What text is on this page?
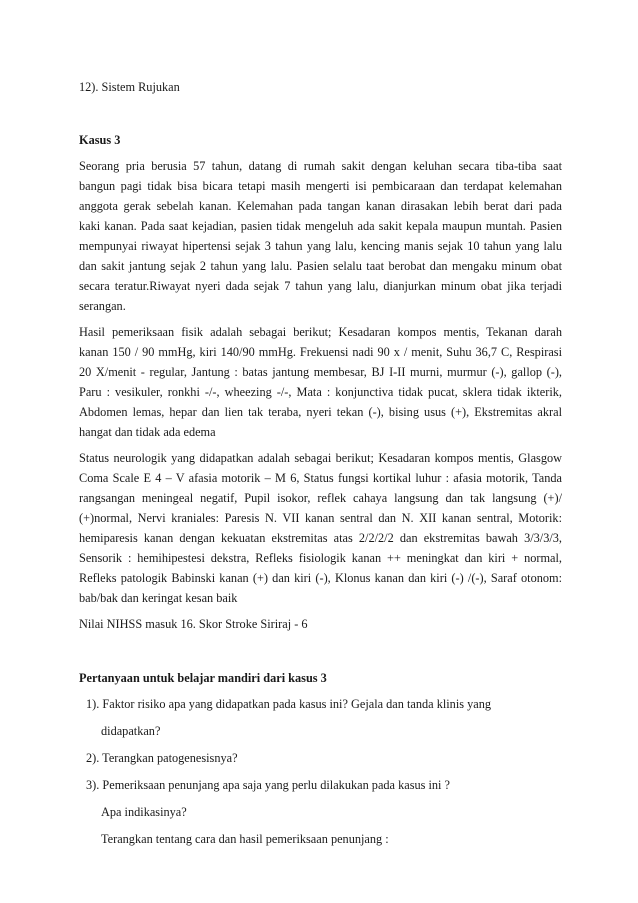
12). Sistem Rujukan
Kasus 3
Seorang pria berusia 57 tahun, datang di rumah sakit dengan keluhan secara tiba-tiba saat
bangun pagi tidak bisa bicara tetapi masih mengerti isi pembicaraan dan terdapat kelemahan
anggota gerak sebelah kanan. Kelemahan pada tangan kanan dirasakan lebih berat dari pada
kaki kanan. Pada saat kejadian, pasien tidak mengeluh ada sakit kepala maupun muntah. Pasien
mempunyai riwayat hipertensi sejak 3 tahun yang lalu, kencing manis sejak 10 tahun yang lalu
dan sakit jantung sejak 2 tahun yang lalu. Pasien selalu taat berobat dan mengaku minum obat
secara teratur.Riwayat nyeri dada sejak 7 tahun yang lalu, dianjurkan minum obat jika terjadi
serangan.
Hasil pemeriksaan fisik adalah sebagai berikut; Kesadaran kompos mentis, Tekanan darah
kanan 150 / 90 mmHg, kiri 140/90 mmHg. Frekuensi nadi 90 x / menit, Suhu 36,7 C, Respirasi
20 X/menit - regular, Jantung : batas jantung membesar, BJ I-II murni, murmur (-), gallop (-),
Paru : vesikuler, ronkhi -/-, wheezing -/-, Mata : konjunctiva tidak pucat, sklera tidak ikterik,
Abdomen lemas, hepar dan lien tak teraba, nyeri tekan (-), bising usus (+), Ekstremitas akral
hangat dan tidak ada edema
Status neurologik yang didapatkan adalah sebagai berikut; Kesadaran kompos mentis, Glasgow
Coma Scale E 4 – V afasia motorik – M 6, Status fungsi kortikal luhur : afasia motorik, Tanda
rangsangan meningeal negatif, Pupil isokor, reflek cahaya langsung dan tak langsung (+)/
(+)normal, Nervi kraniales: Paresis N. VII kanan sentral dan N. XII kanan sentral, Motorik:
hemiparesis kanan dengan kekuatan ekstremitas atas 2/2/2/2 dan ekstremitas bawah 3/3/3/3,
Sensorik : hemihipestesi dekstra, Refleks fisiologik kanan ++ meningkat dan kiri + normal,
Refleks patologik Babinski kanan (+) dan kiri (-), Klonus kanan dan kiri (-) /(-), Saraf otonom:
bab/bak dan keringat kesan baik
Nilai NIHSS masuk 16. Skor Stroke Siriraj - 6
Pertanyaan untuk belajar mandiri dari kasus 3
1). Faktor risiko apa yang didapatkan pada kasus ini? Gejala dan tanda klinis yang
didapatkan?
2). Terangkan patogenesisnya?
3). Pemeriksaan penunjang apa saja yang perlu dilakukan pada kasus ini ?
Apa indikasinya?
Terangkan tentang cara dan hasil pemeriksaan penunjang :
